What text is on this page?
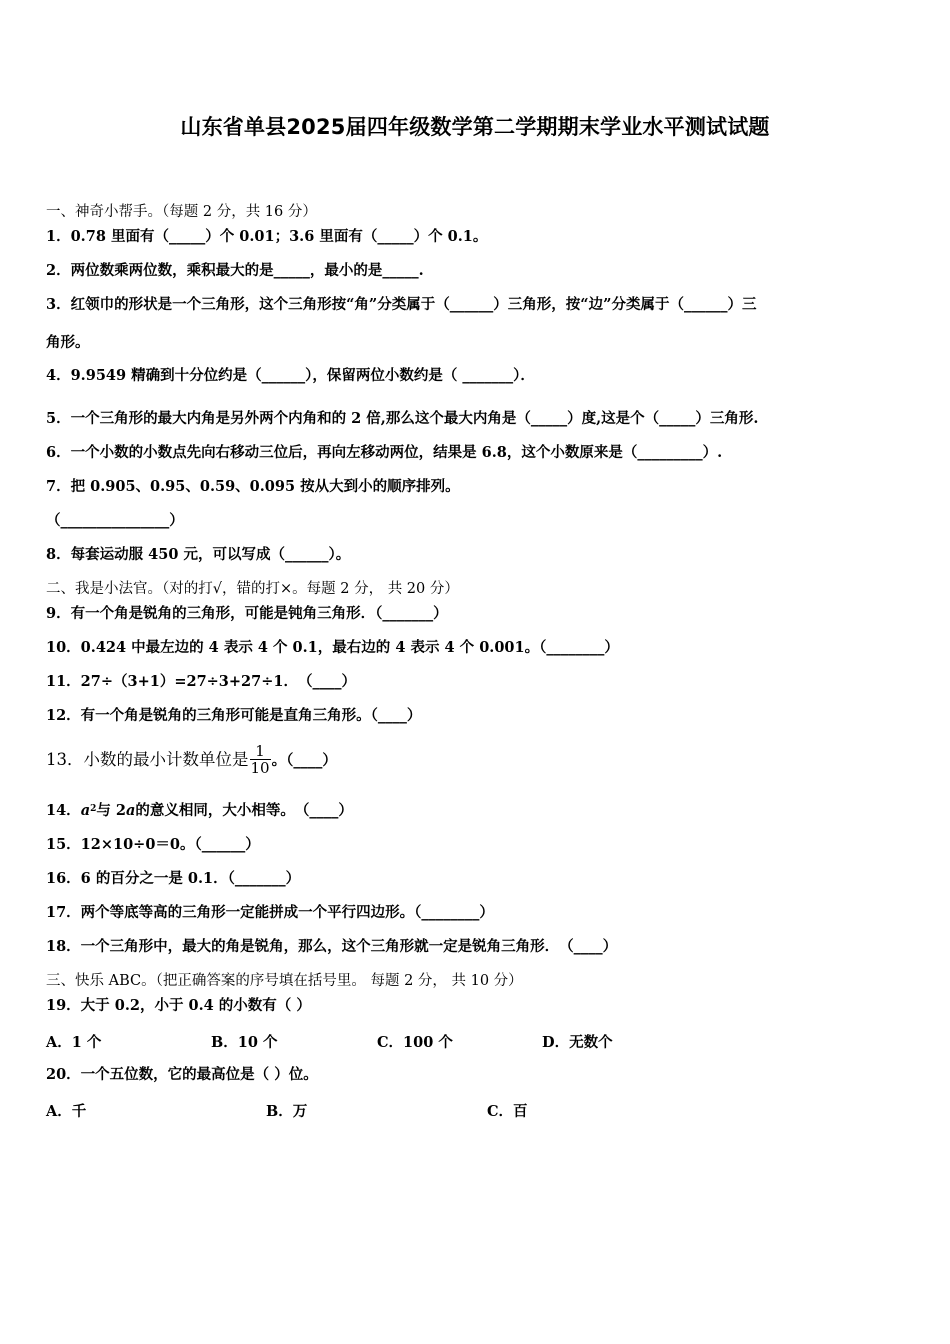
山东省单县2025届四年级数学第二学期期末学业水平测试试题
一、神奇小帮手。（每题 2 分，共 16 分）
1．0.78 里面有（_____）个 0.01；3.6 里面有（_____）个 0.1。
2．两位数乘两位数，乘积最大的是_____，最小的是_____.
3．红领巾的形状是一个三角形，这个三角形按“角”分类属于（______）三角形，按“边”分类属于（______）三
角形。
4．9.9549 精确到十分位约是（______），保留两位小数约是（ _______）．
5．一个三角形的最大内角是另外两个内角和的 2 倍,那么这个最大内角是（_____）度,这是个（_____）三角形.
6．一个小数的小数点先向右移动三位后，再向左移动两位，结果是 6.8，这个小数原来是（_________）.
7．把 0.905、0.95、0.59、0.095 按从大到小的顺序排列。
（_______________）
8．每套运动服 450 元，可以写成（______）。
二、我是小法官。（对的打√，错的打×。每题 2 分， 共 20 分）
9．有一个角是锐角的三角形，可能是钝角三角形．（_______）
10．0.424 中最左边的 4 表示 4 个 0.1，最右边的 4 表示 4 个 0.001。（________）
11．27÷（3+1）=27÷3+27÷1．　（____）
12．有一个角是锐角的三角形可能是直角三角形。（____）
13．小数的最小计数单位是 $\frac{1}{10}$ 。（____）
14．$a^2$与 2a的意义相同，大小相等。　（____）
15．12×10÷0＝0。（______）
16．6 的百分之一是 0.1．（_______）
17．两个等底等高的三角形一定能拼成一个平行四边形。（________）
18．一个三角形中，最大的角是锐角，那么，这个三角形就一定是锐角三角形．　（____）
三、快乐 ABC。（把正确答案的序号填在括号里。 每题 2 分， 共 10 分）
19．大于 0.2，小于 0.4 的小数有（ ）
A．1 个	B．10 个	C．100 个	D．无数个
20．一个五位数，它的最高位是（ ）位。
A．千	B．万	C．百
